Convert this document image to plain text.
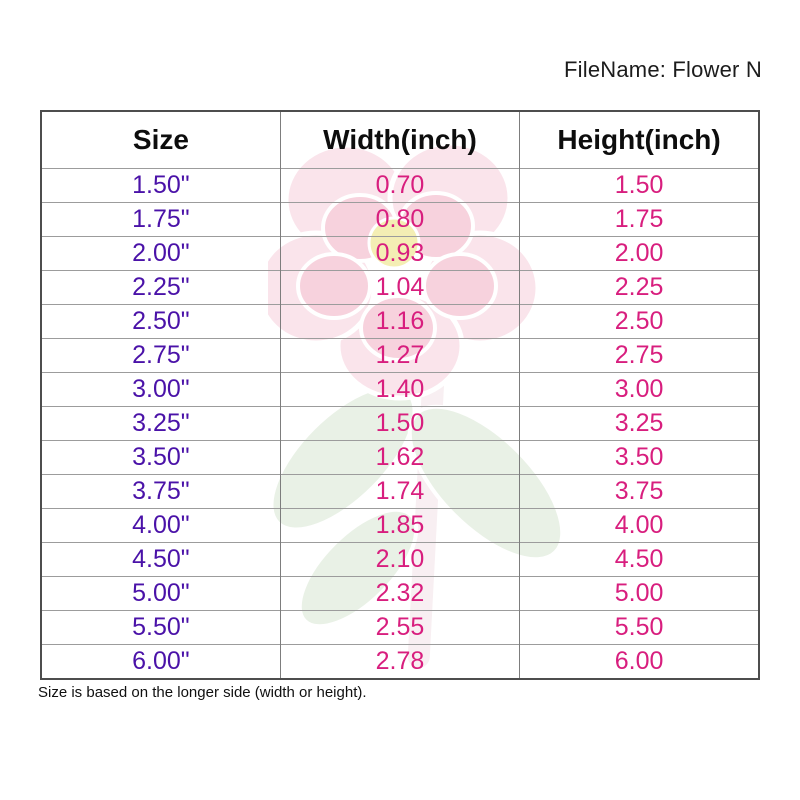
FileName: Flower N
Size	Width(inch)	Height(inch)
1.50"	0.70	1.50
1.75"	0.80	1.75
2.00"	0.93	2.00
2.25"	1.04	2.25
2.50"	1.16	2.50
2.75"	1.27	2.75
3.00"	1.40	3.00
3.25"	1.50	3.25
3.50"	1.62	3.50
3.75"	1.74	3.75
4.00"	1.85	4.00
4.50"	2.10	4.50
5.00"	2.32	5.00
5.50"	2.55	5.50
6.00"	2.78	6.00
Size is based on the longer side (width or height).
